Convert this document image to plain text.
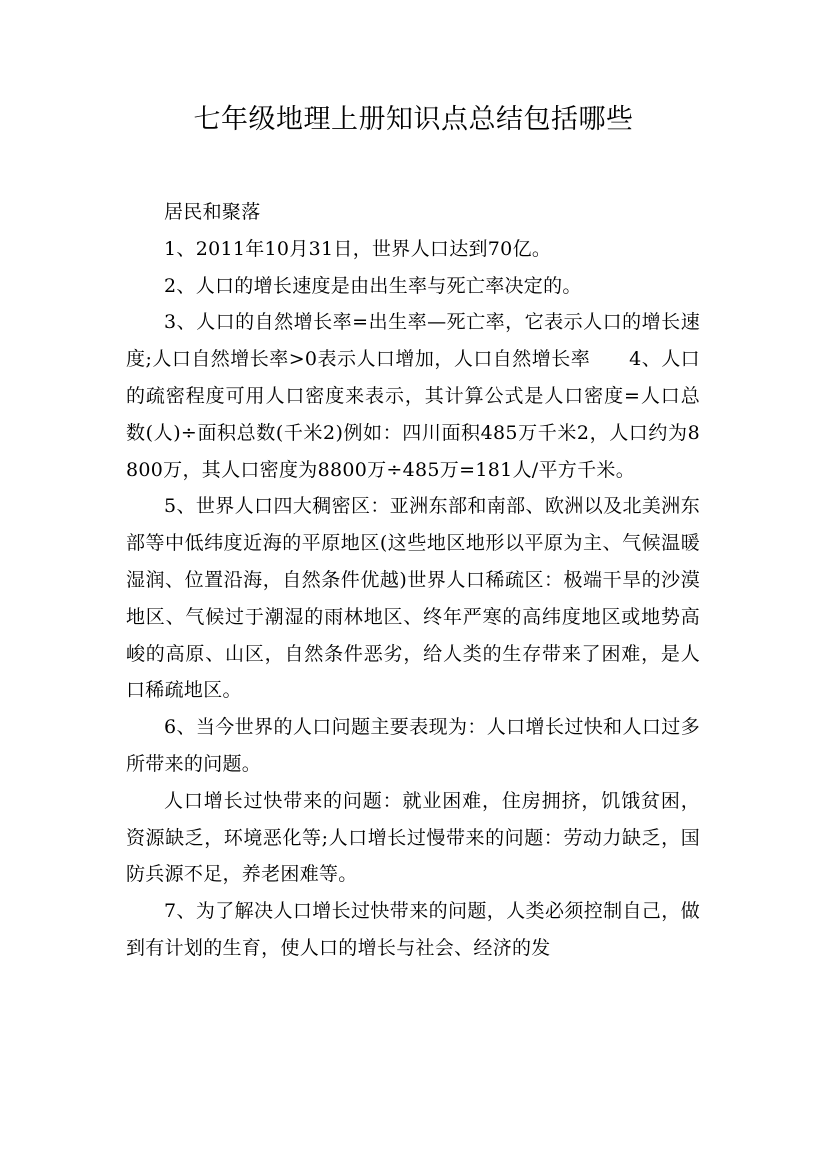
七年级地理上册知识点总结包括哪些

居民和聚落

1、2011年10月31日，世界人口达到70亿。

2、人口的增长速度是由出生率与死亡率决定的。

3、人口的自然增长率=出生率—死亡率，它表示人口的增长速度;人口自然增长率>0表示人口增加，人口自然增长率　　4、人口的疏密程度可用人口密度来表示，其计算公式是人口密度=人口总数(人)÷面积总数(千米2)例如：四川面积485万千米2，人口约为8800万，其人口密度为8800万÷485万=181人/平方千米。

5、世界人口四大稠密区：亚洲东部和南部、欧洲以及北美洲东部等中低纬度近海的平原地区(这些地区地形以平原为主、气候温暖湿润、位置沿海，自然条件优越)世界人口稀疏区：极端干旱的沙漠地区、气候过于潮湿的雨林地区、终年严寒的高纬度地区或地势高峻的高原、山区，自然条件恶劣，给人类的生存带来了困难，是人口稀疏地区。

6、当今世界的人口问题主要表现为：人口增长过快和人口过多所带来的问题。

人口增长过快带来的问题：就业困难，住房拥挤，饥饿贫困，资源缺乏，环境恶化等;人口增长过慢带来的问题：劳动力缺乏，国防兵源不足，养老困难等。

7、为了解决人口增长过快带来的问题，人类必须控制自己，做到有计划的生育，使人口的增长与社会、经济的发
